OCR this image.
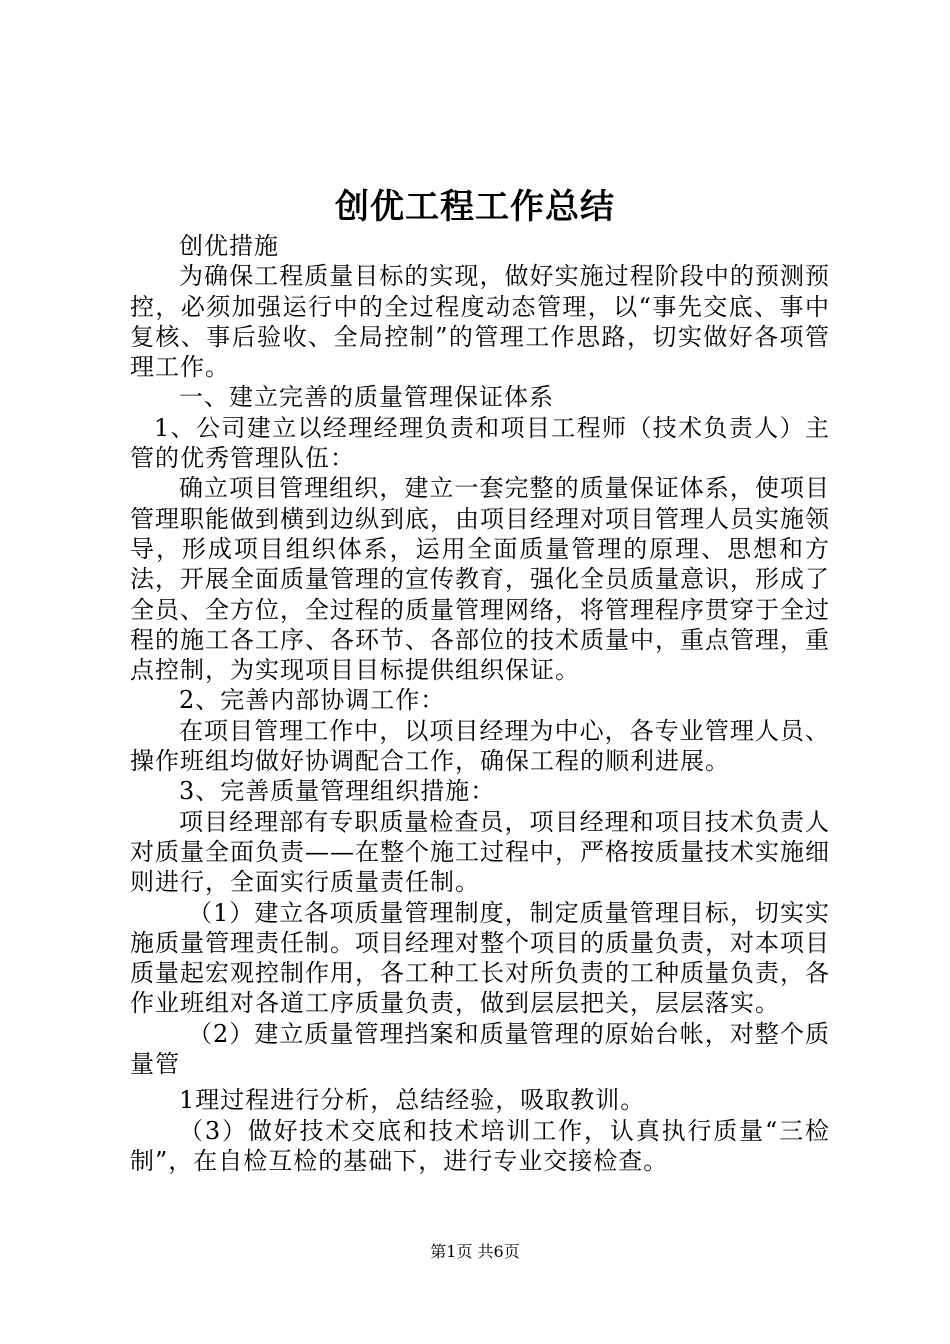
创优工程工作总结

创优措施

为确保工程质量目标的实现，做好实施过程阶段中的预测预控，必须加强运行中的全过程度动态管理，以“事先交底、事中复核、事后验收、全局控制”的管理工作思路，切实做好各项管理工作。

一、建立完善的质量管理保证体系

1、公司建立以经理经理负责和项目工程师（技术负责人）主管的优秀管理队伍：

确立项目管理组织，建立一套完整的质量保证体系，使项目管理职能做到横到边纵到底，由项目经理对项目管理人员实施领导，形成项目组织体系，运用全面质量管理的原理、思想和方法，开展全面质量管理的宣传教育，强化全员质量意识，形成了全员、全方位，全过程的质量管理网络，将管理程序贯穿于全过程的施工各工序、各环节、各部位的技术质量中，重点管理，重点控制，为实现项目目标提供组织保证。

2、完善内部协调工作：

在项目管理工作中，以项目经理为中心，各专业管理人员、操作班组均做好协调配合工作，确保工程的顺利进展。

3、完善质量管理组织措施：

项目经理部有专职质量检查员，项目经理和项目技术负责人对质量全面负责——在整个施工过程中，严格按质量技术实施细则进行，全面实行质量责任制。

（1）建立各项质量管理制度，制定质量管理目标，切实实施质量管理责任制。项目经理对整个项目的质量负责，对本项目质量起宏观控制作用，各工种工长对所负责的工种质量负责，各作业班组对各道工序质量负责，做到层层把关，层层落实。

（2）建立质量管理挡案和质量管理的原始台帐，对整个质量管

1理过程进行分析，总结经验，吸取教训。

（3）做好技术交底和技术培训工作，认真执行质量“三检制”，在自检互检的基础下，进行专业交接检查。

第1页 共6页
